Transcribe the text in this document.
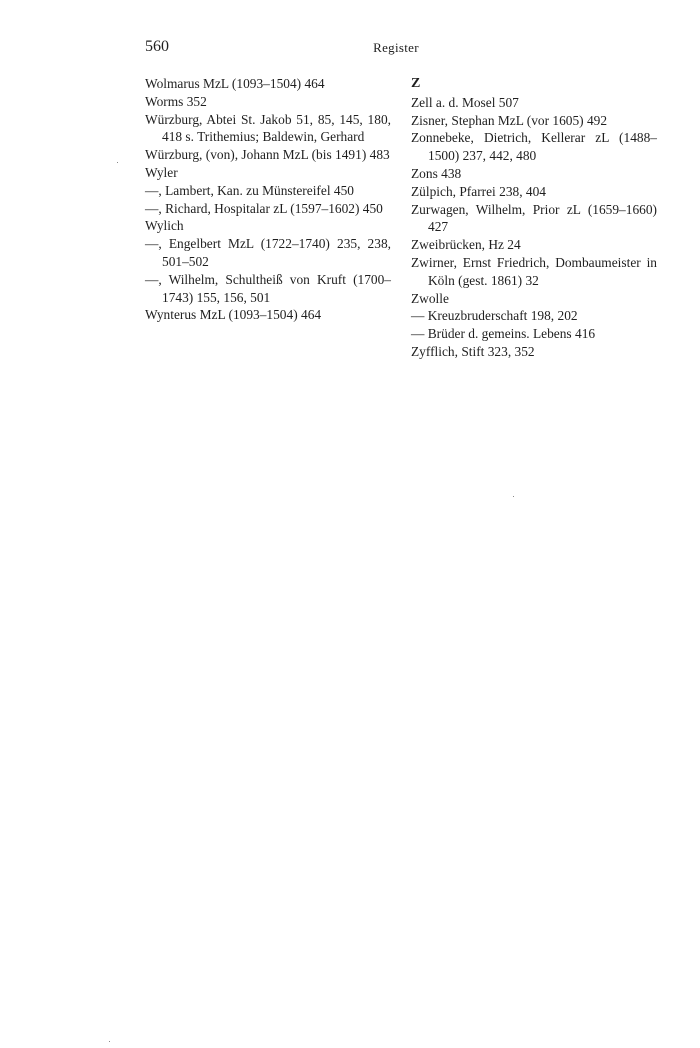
560	Register
Wolmarus MzL (1093–1504) 464
Worms 352
Würzburg, Abtei St. Jakob 51, 85, 145, 180, 418 s. Trithemius; Baldewin, Gerhard
Würzburg, (von), Johann MzL (bis 1491) 483
Wyler
—, Lambert, Kan. zu Münstereifel 450
—, Richard, Hospitalar zL (1597–1602) 450
Wylich
—, Engelbert MzL (1722–1740) 235, 238, 501–502
—, Wilhelm, Schultheiß von Kruft (1700–1743) 155, 156, 501
Wynterus MzL (1093–1504) 464
Z
Zell a. d. Mosel 507
Zisner, Stephan MzL (vor 1605) 492
Zonnebeke, Dietrich, Kellerar zL (1488–1500) 237, 442, 480
Zons 438
Zülpich, Pfarrei 238, 404
Zurwagen, Wilhelm, Prior zL (1659–1660) 427
Zweibrücken, Hz 24
Zwirner, Ernst Friedrich, Dombaumeister in Köln (gest. 1861) 32
Zwolle
— Kreuzbruderschaft 198, 202
— Brüder d. gemeins. Lebens 416
Zyfflich, Stift 323, 352
